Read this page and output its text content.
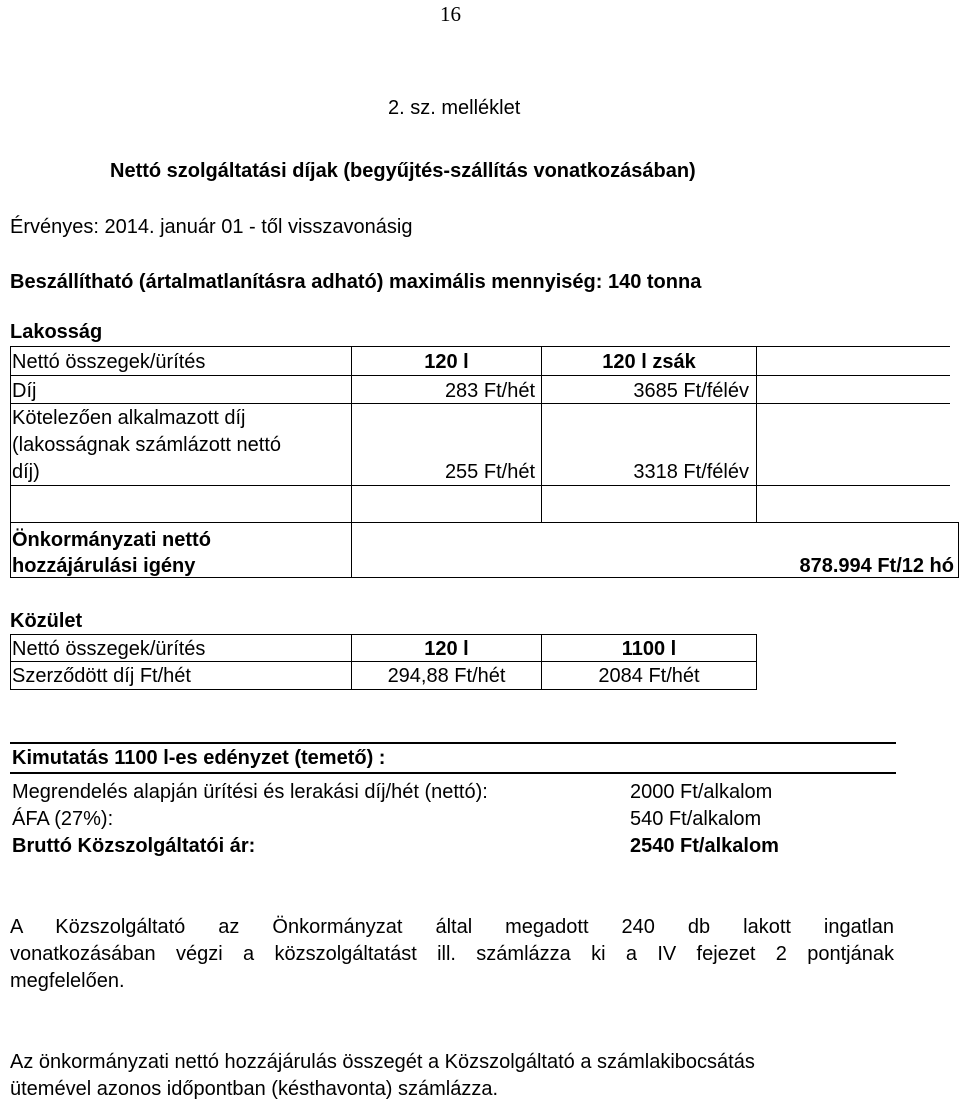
16
2. sz. melléklet
Nettó szolgáltatási díjak (begyűjtés-szállítás vonatkozásában)
Érvényes: 2014. január 01 - től visszavonásig
Beszállítható (ártalmatlanításra adható) maximális mennyiség: 140 tonna
Lakosság
Nettó összegek/ürítés	120 l	120 l zsák
Díj	283 Ft/hét	3685 Ft/félév
Kötelezően alkalmazott díj
(lakosságnak számlázott nettó
díj)	255 Ft/hét	3318 Ft/félév
Önkormányzati nettó
hozzájárulási igény	878.994 Ft/12 hó
Közület
Nettó összegek/ürítés	120 l	1100 l
Szerződött díj Ft/hét	294,88 Ft/hét	2084 Ft/hét
Kimutatás 1100 l-es edényzet (temető) :
Megrendelés alapján ürítési és lerakási díj/hét (nettó):	2000 Ft/alkalom
ÁFA (27%):	540 Ft/alkalom
Bruttó Közszolgáltatói ár:	2540 Ft/alkalom
A Közszolgáltató az Önkormányzat által megadott 240 db lakott ingatlan
vonatkozásában végzi a közszolgáltatást ill. számlázza ki a IV fejezet 2 pontjának
megfelelően.
Az önkormányzati nettó hozzájárulás összegét a Közszolgáltató a számlakibocsátás
ütemével azonos időpontban (késthavonta) számlázza.
